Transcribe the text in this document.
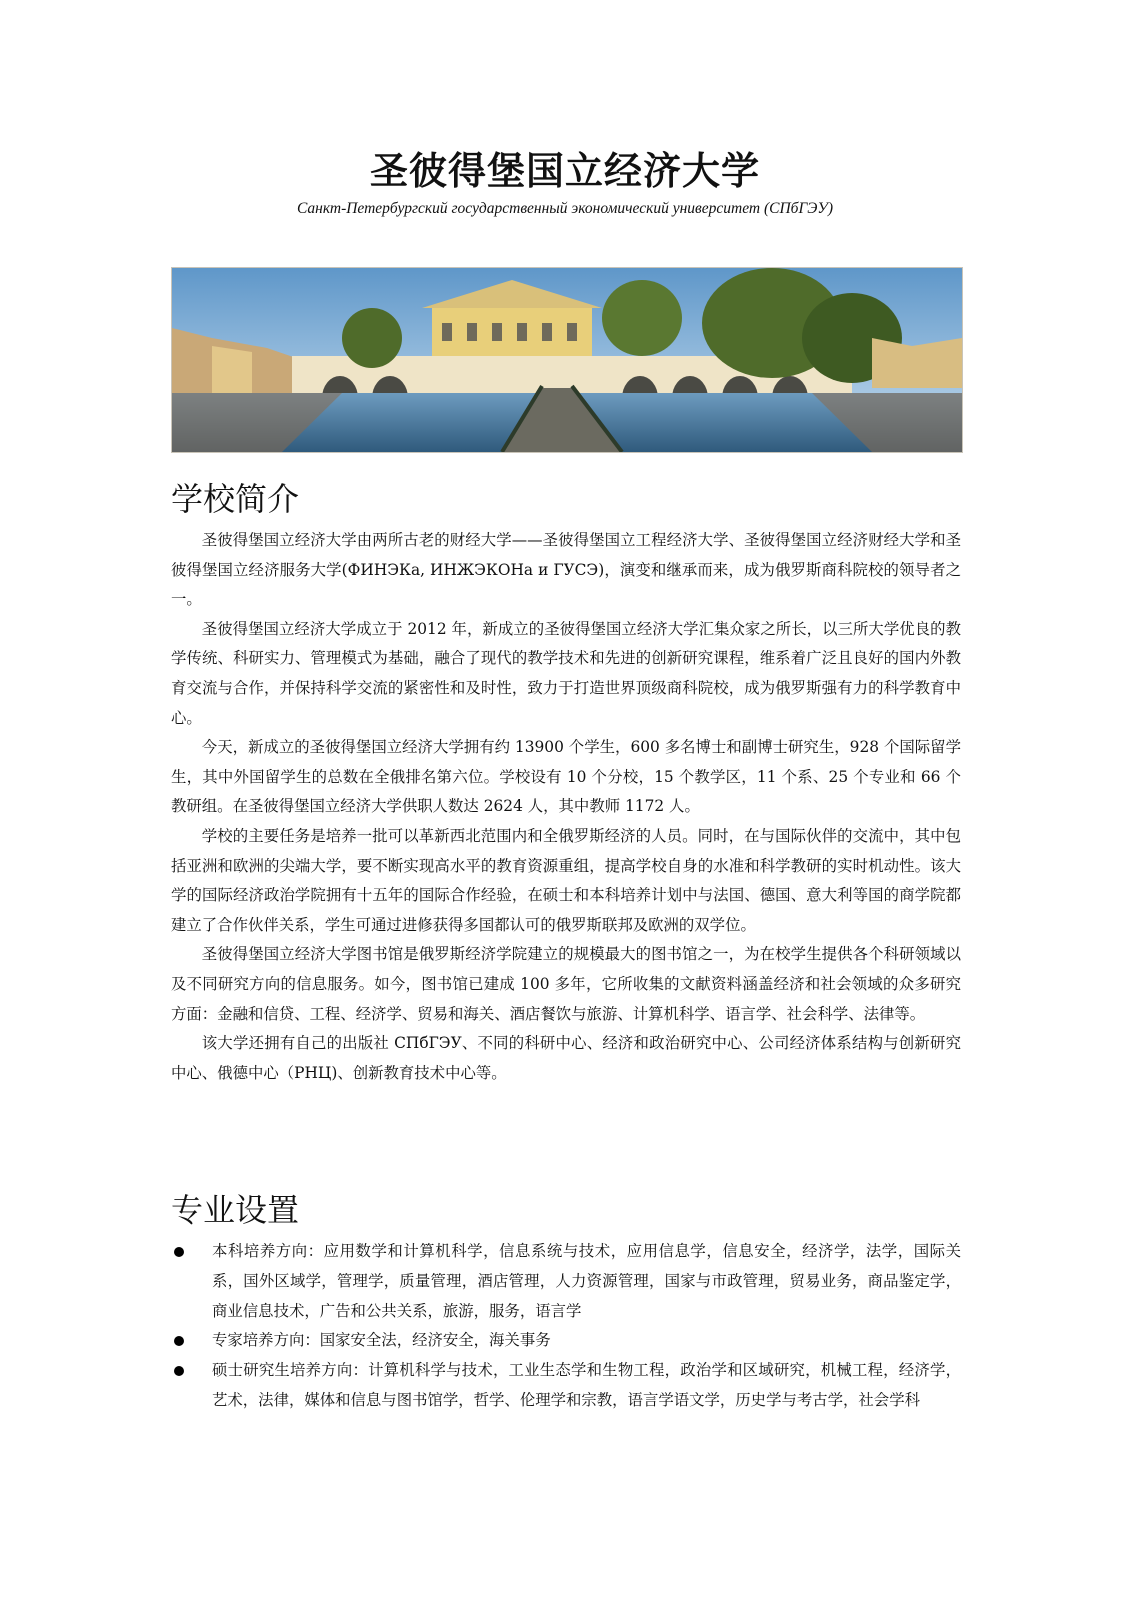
圣彼得堡国立经济大学
Санкт-Петербургский государственный экономический университет (СПбГЭУ)
学校简介

圣彼得堡国立经济大学由两所古老的财经大学——圣彼得堡国立工程经济大学、圣彼得堡国立经济财经大学和圣彼得堡国立经济服务大学(ФИНЭКа, ИНЖЭКОНа и ГУСЭ)，演变和继承而来，成为俄罗斯商科院校的领导者之一。

圣彼得堡国立经济大学成立于 2012 年，新成立的圣彼得堡国立经济大学汇集众家之所长，以三所大学优良的教学传统、科研实力、管理模式为基础，融合了现代的教学技术和先进的创新研究课程，维系着广泛且良好的国内外教育交流与合作，并保持科学交流的紧密性和及时性，致力于打造世界顶级商科院校，成为俄罗斯强有力的科学教育中心。

今天，新成立的圣彼得堡国立经济大学拥有约 13900 个学生，600 多名博士和副博士研究生，928 个国际留学生，其中外国留学生的总数在全俄排名第六位。学校设有 10 个分校，15 个教学区，11 个系、25 个专业和 66 个教研组。在圣彼得堡国立经济大学供职人数达 2624 人，其中教师 1172 人。

学校的主要任务是培养一批可以革新西北范围内和全俄罗斯经济的人员。同时，在与国际伙伴的交流中，其中包括亚洲和欧洲的尖端大学，要不断实现高水平的教育资源重组，提高学校自身的水准和科学教研的实时机动性。该大学的国际经济政治学院拥有十五年的国际合作经验，在硕士和本科培养计划中与法国、德国、意大利等国的商学院都建立了合作伙伴关系，学生可通过进修获得多国都认可的俄罗斯联邦及欧洲的双学位。

圣彼得堡国立经济大学图书馆是俄罗斯经济学院建立的规模最大的图书馆之一，为在校学生提供各个科研领域以及不同研究方向的信息服务。如今，图书馆已建成 100 多年，它所收集的文献资料涵盖经济和社会领域的众多研究方面：金融和信贷、工程、经济学、贸易和海关、酒店餐饮与旅游、计算机科学、语言学、社会科学、法律等。

该大学还拥有自己的出版社 СПбГЭУ、不同的科研中心、经济和政治研究中心、公司经济体系结构与创新研究中心、俄德中心（РНЦ)、创新教育技术中心等。

专业设置
本科培养方向：应用数学和计算机科学，信息系统与技术，应用信息学，信息安全，经济学，法学，国际关系，国外区域学，管理学，质量管理，酒店管理，人力资源管理，国家与市政管理，贸易业务，商品鉴定学，商业信息技术，广告和公共关系，旅游，服务，语言学
专家培养方向：国家安全法，经济安全，海关事务
硕士研究生培养方向：计算机科学与技术，工业生态学和生物工程，政治学和区域研究，机械工程，经济学，艺术，法律，媒体和信息与图书馆学，哲学、伦理学和宗教，语言学语文学，历史学与考古学，社会学科
